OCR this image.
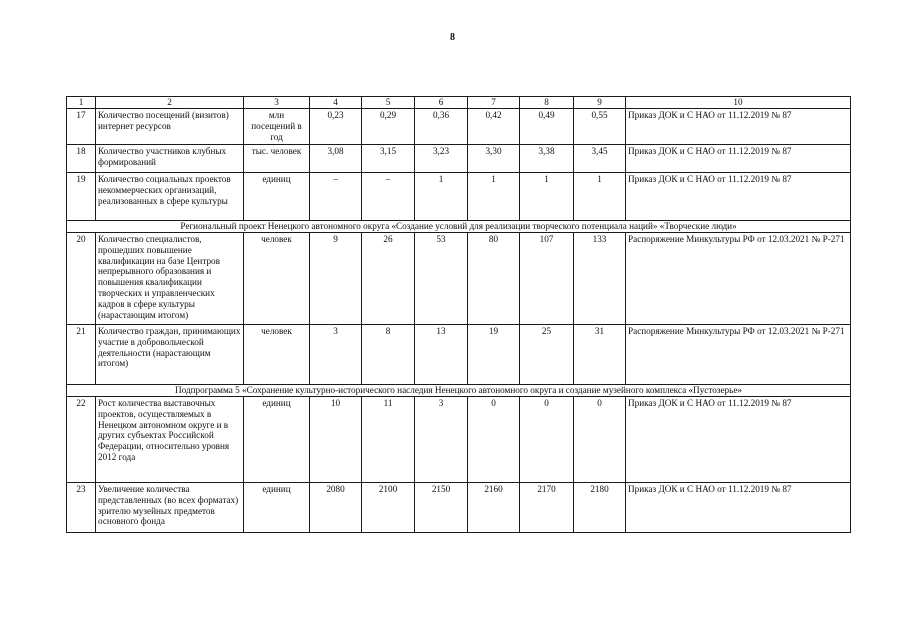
8
1	2	3	4	5	6	7	8	9	10
17	Количество посещений (визитов) интернет ресурсов	млн посещений в год	0,23	0,29	0,36	0,42	0,49	0,55	Приказ ДОК и С НАО от 11.12.2019 № 87
18	Количество участников клубных формирований	тыс. человек	3,08	3,15	3,23	3,30	3,38	3,45	Приказ ДОК и С НАО от 11.12.2019 № 87
19	Количество социальных проектов некоммерческих организаций, реализованных в сфере культуры	единиц	–	–	1	1	1	1	Приказ ДОК и С НАО от 11.12.2019 № 87
Региональный проект Ненецкого автономного округа «Создание условий для реализации творческого потенциала наций» «Творческие люди»									
20	Количество специалистов, прошедших повышение квалификации на базе Центров непрерывного образования и повышения квалификации творческих и управленческих кадров в сфере культуры (нарастающим итогом)	человек	9	26	53	80	107	133	Распоряжение Минкультуры РФ от 12.03.2021 № Р-271
21	Количество граждан, принимающих участие в добровольческой деятельности (нарастающим итогом)	человек	3	8	13	19	25	31	Распоряжение Минкультуры РФ от 12.03.2021 № Р-271
Подпрограмма 5 «Сохранение культурно-исторического наследия Ненецкого автономного округа и создание музейного комплекса «Пустозерье»									
22	Рост количества выставочных проектов, осуществляемых в Ненецком автономном округе и в других субъектах Российской Федерации, относительно уровня 2012 года	единиц	10	11	3	0	0	0	Приказ ДОК и С НАО от 11.12.2019 № 87
23	Увеличение количества представленных (во всех форматах) зрителю музейных предметов основного фонда	единиц	2080	2100	2150	2160	2170	2180	Приказ ДОК и С НАО от 11.12.2019 № 87
